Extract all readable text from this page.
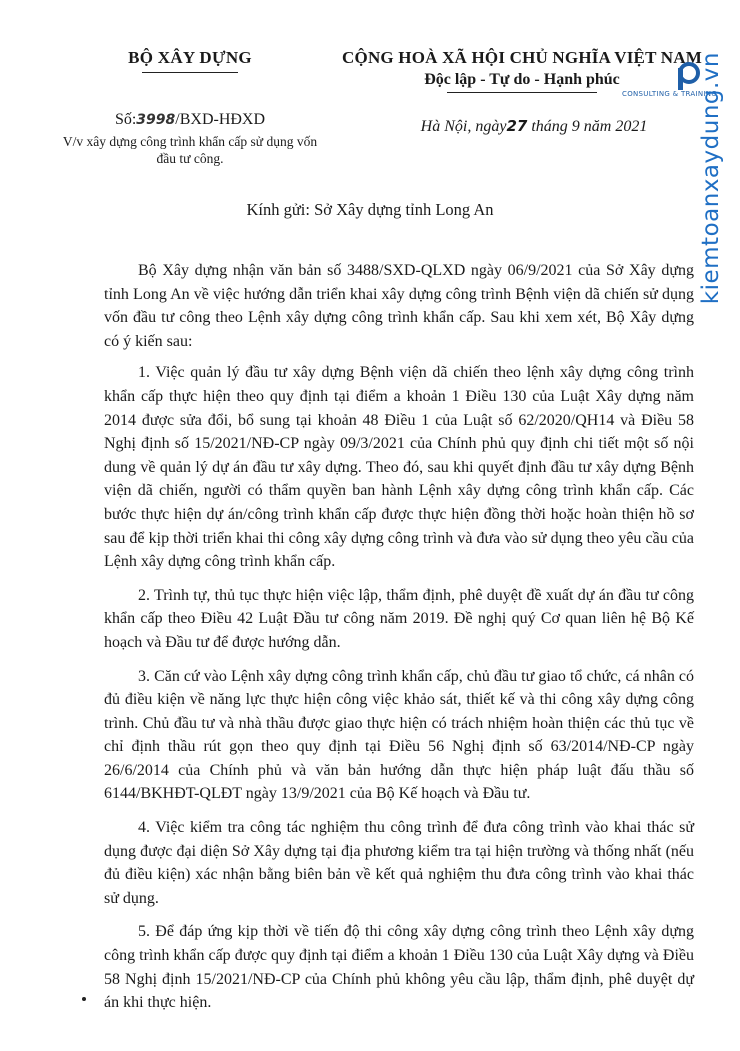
BỘ XÂY DỰNG
Số:3998/BXD-HĐXD
V/v xây dựng công trình khẩn cấp sử dụng vốn đầu tư công.
CỘNG HOÀ XÃ HỘI CHỦ NGHĨA VIỆT NAM
Độc lập - Tự do - Hạnh phúc
Hà Nội, ngày27 tháng 9 năm 2021
CONSULTING & TRAINING
kiemtoanxaydung.vn
Kính gửi: Sở Xây dựng tỉnh Long An

Bộ Xây dựng nhận văn bản số 3488/SXD-QLXD ngày 06/9/2021 của Sở Xây dựng tỉnh Long An về việc hướng dẫn triển khai xây dựng công trình Bệnh viện dã chiến sử dụng vốn đầu tư công theo Lệnh xây dựng công trình khẩn cấp. Sau khi xem xét, Bộ Xây dựng có ý kiến sau:

1. Việc quản lý đầu tư xây dựng Bệnh viện dã chiến theo lệnh xây dựng công trình khẩn cấp thực hiện theo quy định tại điểm a khoản 1 Điều 130 của Luật Xây dựng năm 2014 được sửa đổi, bổ sung tại khoản 48 Điều 1 của Luật số 62/2020/QH14 và Điều 58 Nghị định số 15/2021/NĐ-CP ngày 09/3/2021 của Chính phủ quy định chi tiết một số nội dung về quản lý dự án đầu tư xây dựng. Theo đó, sau khi quyết định đầu tư xây dựng Bệnh viện dã chiến, người có thẩm quyền ban hành Lệnh xây dựng công trình khẩn cấp. Các bước thực hiện dự án/công trình khẩn cấp được thực hiện đồng thời hoặc hoàn thiện hồ sơ sau để kịp thời triển khai thi công xây dựng công trình và đưa vào sử dụng theo yêu cầu của Lệnh xây dựng công trình khẩn cấp.

2. Trình tự, thủ tục thực hiện việc lập, thẩm định, phê duyệt đề xuất dự án đầu tư công khẩn cấp theo Điều 42 Luật Đầu tư công năm 2019. Đề nghị quý Cơ quan liên hệ Bộ Kế hoạch và Đầu tư để được hướng dẫn.

3. Căn cứ vào Lệnh xây dựng công trình khẩn cấp, chủ đầu tư giao tổ chức, cá nhân có đủ điều kiện về năng lực thực hiện công việc khảo sát, thiết kế và thi công xây dựng công trình. Chủ đầu tư và nhà thầu được giao thực hiện có trách nhiệm hoàn thiện các thủ tục về chỉ định thầu rút gọn theo quy định tại Điều 56 Nghị định số 63/2014/NĐ-CP ngày 26/6/2014 của Chính phủ và văn bản hướng dẫn thực hiện pháp luật đấu thầu số 6144/BKHĐT-QLĐT ngày 13/9/2021 của Bộ Kế hoạch và Đầu tư.

4. Việc kiểm tra công tác nghiệm thu công trình để đưa công trình vào khai thác sử dụng được đại diện Sở Xây dựng tại địa phương kiểm tra tại hiện trường và thống nhất (nếu đủ điều kiện) xác nhận bằng biên bản về kết quả nghiệm thu đưa công trình vào khai thác sử dụng.

5. Để đáp ứng kịp thời về tiến độ thi công xây dựng công trình theo Lệnh xây dựng công trình khẩn cấp được quy định tại điểm a khoản 1 Điều 130 của Luật Xây dựng và Điều 58 Nghị định 15/2021/NĐ-CP của Chính phủ không yêu cầu lập, thẩm định, phê duyệt dự án khi thực hiện.
